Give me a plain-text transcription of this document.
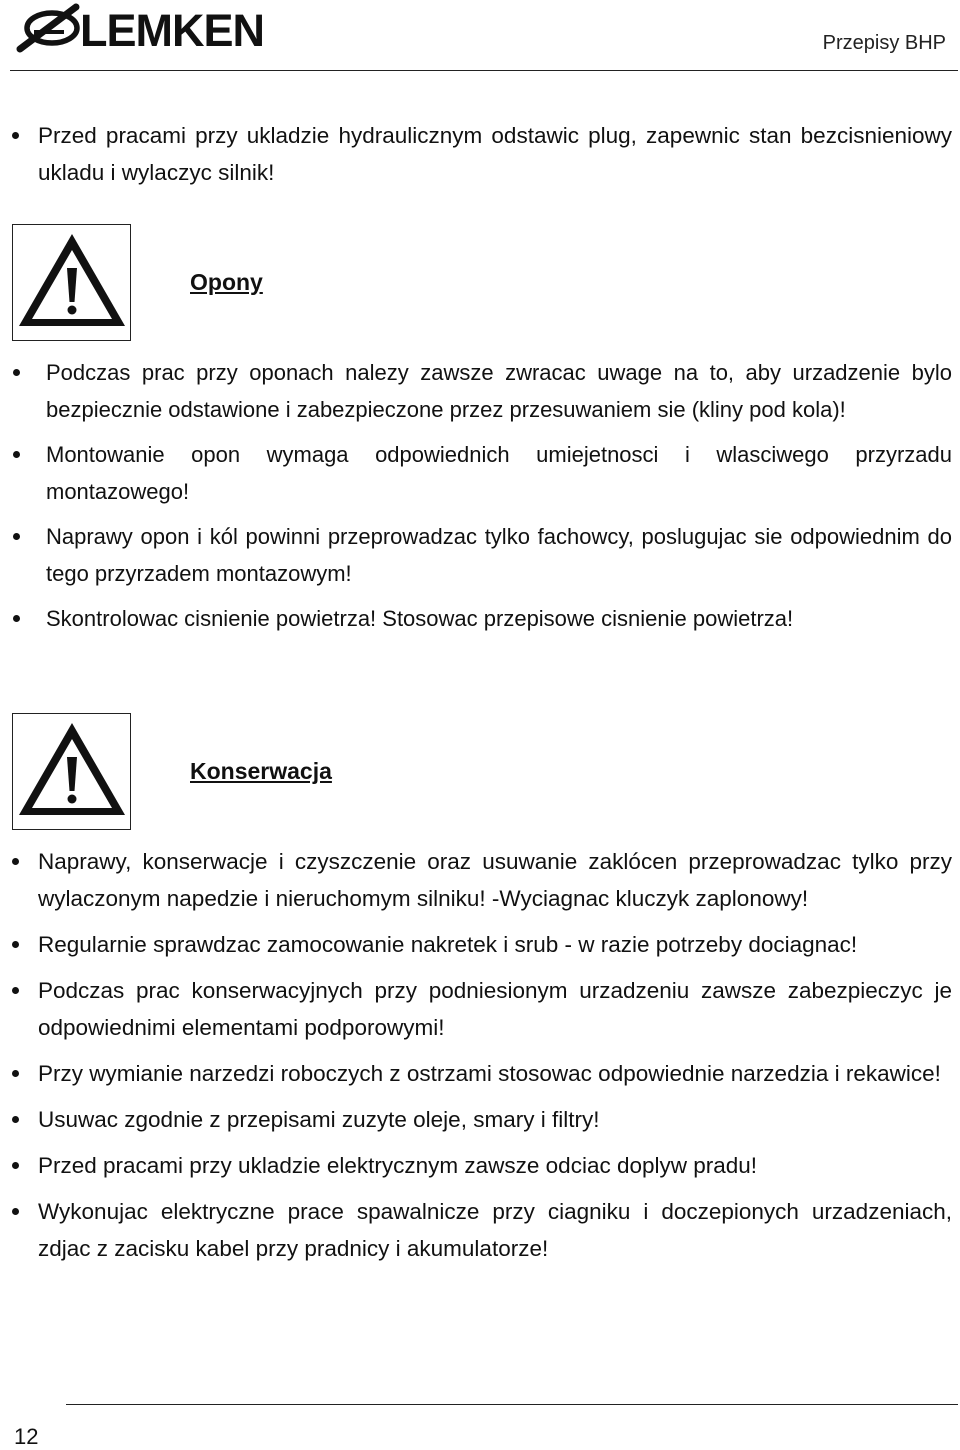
LEMKEN	Przepisy BHP
Przed pracami przy ukladzie hydraulicznym odstawic plug, zapewnic stan bezcisnieniowy ukladu i wylaczyc silnik!
Opony
Podczas prac przy oponach nalezy zawsze zwracac uwage na to, aby urzadzenie bylo bezpiecznie odstawione i zabezpieczone przez przesuwaniem sie (kliny pod kola)!
Montowanie opon wymaga odpowiednich umiejetnosci i wlasciwego przyrzadu montazowego!
Naprawy opon i kól powinni przeprowadzac tylko fachowcy, poslugujac sie odpowiednim do tego przyrzadem montazowym!
Skontrolowac cisnienie powietrza! Stosowac przepisowe cisnienie powietrza!
Konserwacja
Naprawy, konserwacje i czyszczenie oraz usuwanie zaklócen przeprowadzac tylko przy wylaczonym napedzie i nieruchomym silniku! -Wyciagnac kluczyk zaplonowy!
Regularnie sprawdzac zamocowanie nakretek i srub - w razie potrzeby dociagnac!
Podczas prac konserwacyjnych przy podniesionym urzadzeniu zawsze zabezpieczyc je odpowiednimi elementami podporowymi!
Przy wymianie narzedzi roboczych z ostrzami stosowac odpowiednie narzedzia i rekawice!
Usuwac zgodnie z przepisami zuzyte oleje, smary i filtry!
Przed pracami przy ukladzie elektrycznym zawsze odciac doplyw pradu!
Wykonujac elektryczne prace spawalnicze przy ciagniku i doczepionych urzadzeniach, zdjac z zacisku kabel przy pradnicy i akumulatorze!
12
